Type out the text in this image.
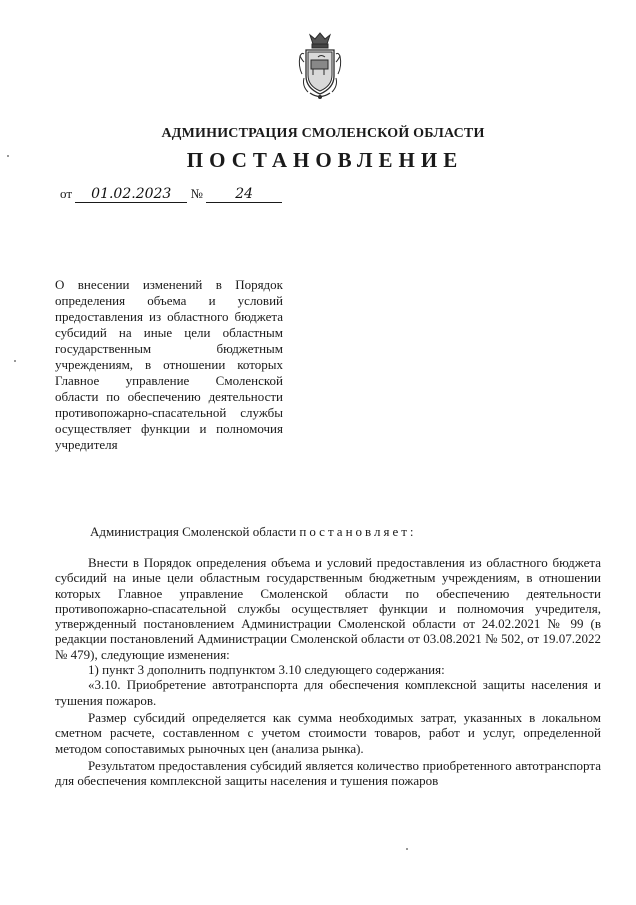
АДМИНИСТРАЦИЯ СМОЛЕНСКОЙ ОБЛАСТИ
ПОСТАНОВЛЕНИЕ
от 01.02.2023 № 24
О внесении изменений в Порядок определения объема и условий предоставления из областного бюджета субсидий на иные цели областным государственным бюджетным учреждениям, в отношении которых Главное управление Смоленской области по обеспечению деятельности противопожарно-спасательной службы осуществляет функции и полномочия учредителя
Администрация Смоленской области постановляет:

Внести в Порядок определения объема и условий предоставления из областного бюджета субсидий на иные цели областным государственным бюджетным учреждениям, в отношении которых Главное управление Смоленской области по обеспечению деятельности противопожарно-спасательной службы осуществляет функции и полномочия учредителя, утвержденный постановлением Администрации Смоленской области от 24.02.2021 № 99 (в редакции постановлений Администрации Смоленской области от 03.08.2021 № 502, от 19.07.2022 № 479), следующие изменения:

1) пункт 3 дополнить подпунктом 3.10 следующего содержания:

«3.10. Приобретение автотранспорта для обеспечения комплексной защиты населения и тушения пожаров.

Размер субсидий определяется как сумма необходимых затрат, указанных в локальном сметном расчете, составленном с учетом стоимости товаров, работ и услуг, определенной методом сопоставимых рыночных цен (анализа рынка).

Результатом предоставления субсидий является количество приобретенного автотранспорта для обеспечения комплексной защиты населения и тушения пожаров
